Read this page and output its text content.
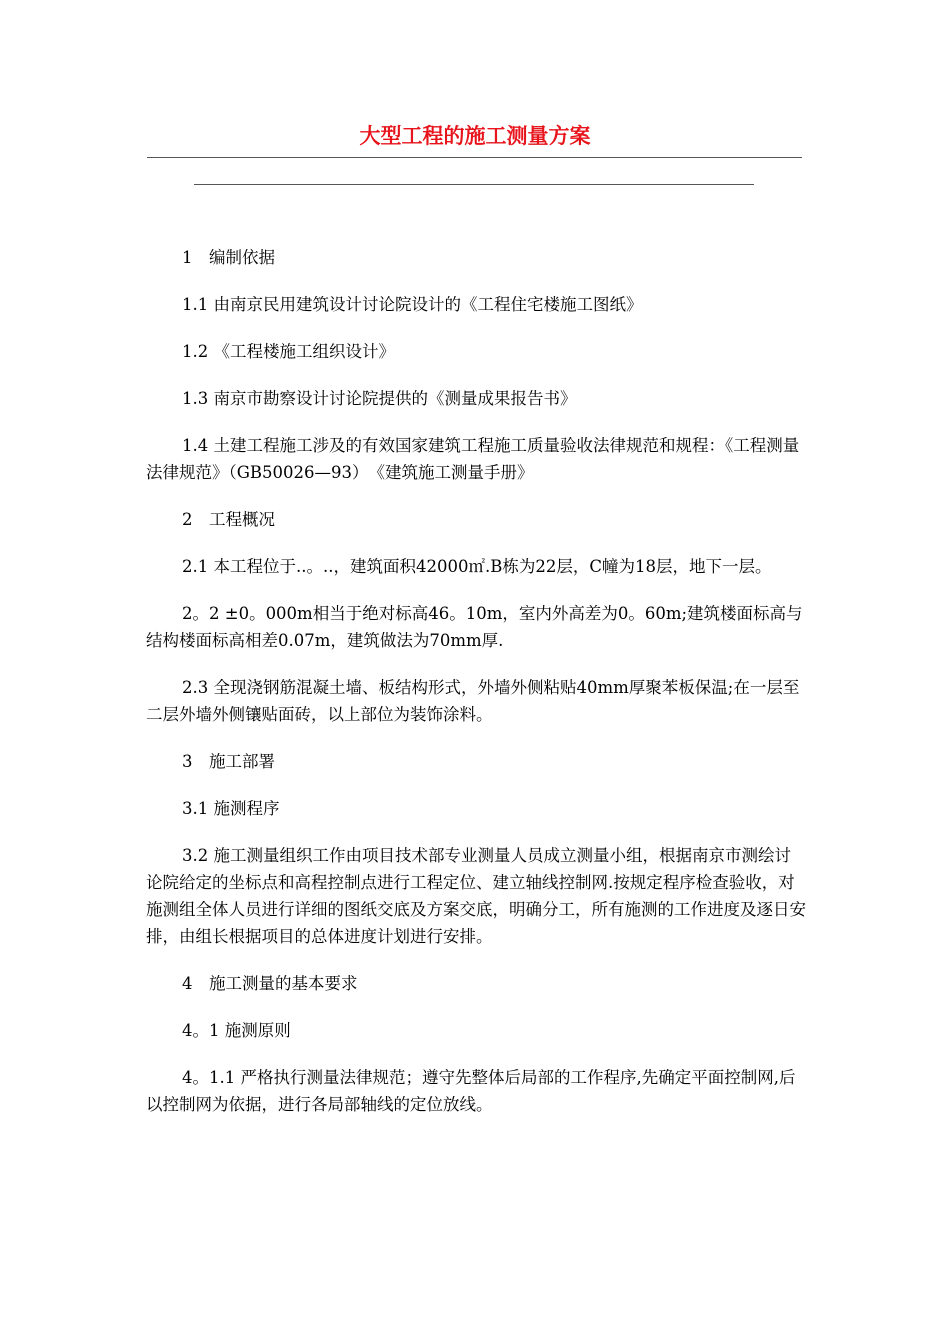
大型工程的施工测量方案

1　编制依据

1.1 由南京民用建筑设计讨论院设计的《工程住宅楼施工图纸》

1.2 《工程楼施工组织设计》

1.3 南京市勘察设计讨论院提供的《测量成果报告书》

1.4 土建工程施工涉及的有效国家建筑工程施工质量验收法律规范和规程：《工程测量法律规范》（GB50026—93）　《建筑施工测量手册》

2　工程概况

2.1 本工程位于..。..，建筑面积42000㎡.B栋为22层，C幢为18层，地下一层。

2。2 ±0。000m相当于绝对标高46。10m，室内外高差为0。60m;建筑楼面标高与结构楼面标高相差0.07m，建筑做法为70mm厚.

2.3 全现浇钢筋混凝土墙、板结构形式，外墙外侧粘贴40mm厚聚苯板保温;在一层至二层外墙外侧镶贴面砖，以上部位为装饰涂料。

3　施工部署

3.1 施测程序

3.2 施工测量组织工作由项目技术部专业测量人员成立测量小组，根据南京市测绘讨论院给定的坐标点和高程控制点进行工程定位、建立轴线控制网.按规定程序检查验收，对施测组全体人员进行详细的图纸交底及方案交底，明确分工，所有施测的工作进度及逐日安排，由组长根据项目的总体进度计划进行安排。

4　施工测量的基本要求

4。1 施测原则

4。1.1 严格执行测量法律规范；遵守先整体后局部的工作程序,先确定平面控制网,后以控制网为依据，进行各局部轴线的定位放线。
